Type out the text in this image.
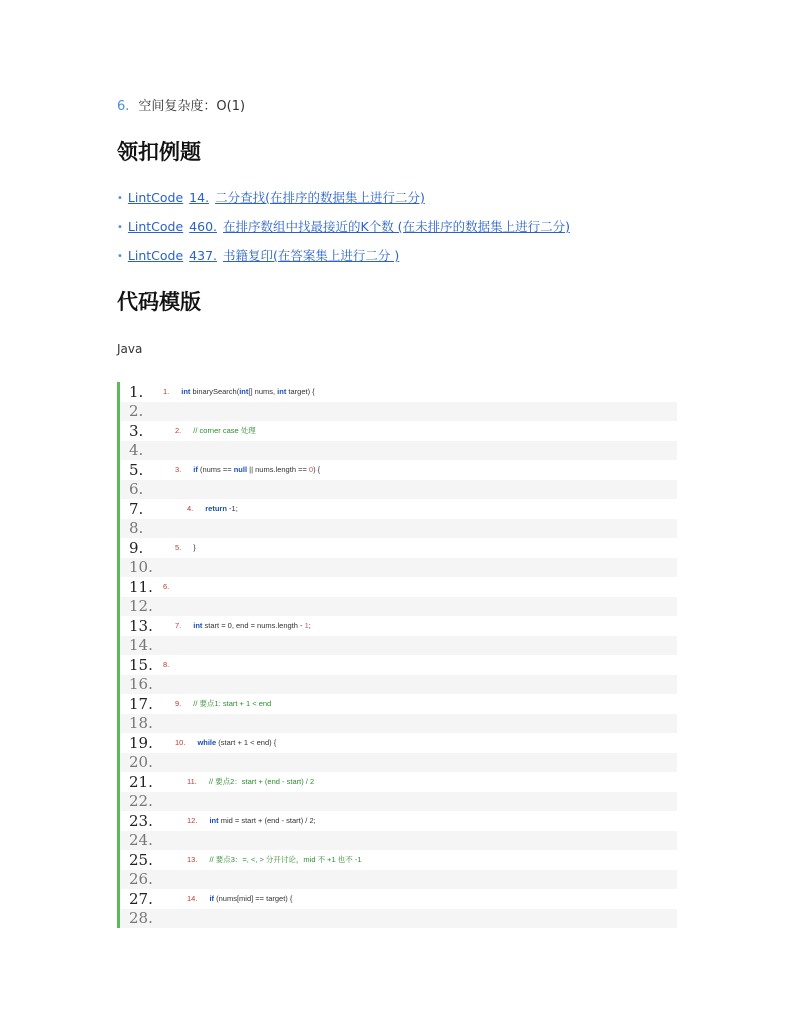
6. 空间复杂度：O(1)
领扣例题
• LintCode 14. 二分查找(在排序的数据集上进行二分)
• LintCode 460. 在排序数组中找最接近的K个数 (在未排序的数据集上进行二分)
• LintCode 437. 书籍复印(在答案集上进行二分 )
代码模版
Java
1.	1. int binarySearch(int[] nums, int target) {
2.
3.	2. // corner case 处理
4.
5.	3. if (nums == null || nums.length == 0) {
6.
7.	4. return -1;
8.
9.	5. }
10.
11. 6.
12.
13.	7. int start = 0, end = nums.length - 1;
14.
15. 8.
16.
17.	9. // 要点1: start + 1 < end
18.
19.	10. while (start + 1 < end) {
20.
21.	11. // 要点2：start + (end - start) / 2
22.
23.	12. int mid = start + (end - start) / 2;
24.
25.	13. // 要点3：=, <, > 分开讨论，mid 不 +1 也不 -1
26.
27.	14. if (nums[mid] == target) {
28.
